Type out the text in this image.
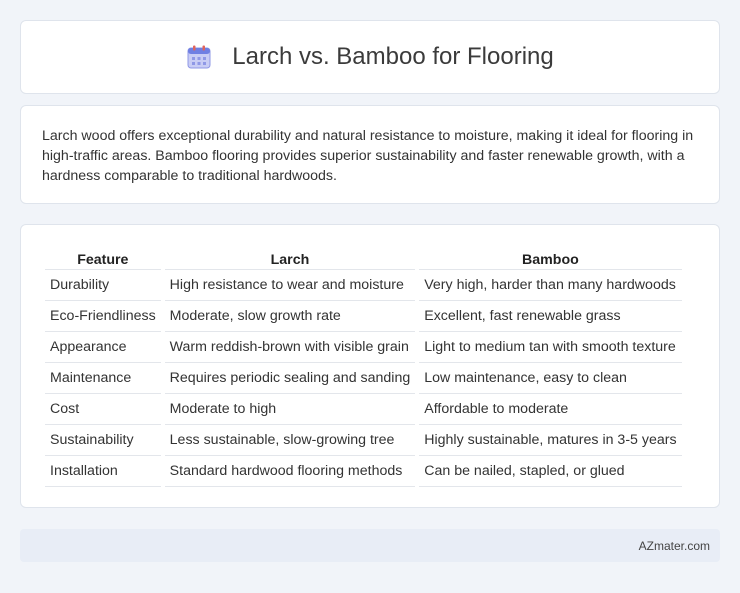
Larch vs. Bamboo for Flooring

Larch wood offers exceptional durability and natural resistance to moisture, making it ideal for flooring in high-traffic areas. Bamboo flooring provides superior sustainability and faster renewable growth, with a hardness comparable to traditional hardwoods.

Feature	Larch	Bamboo
Durability	High resistance to wear and moisture	Very high, harder than many hardwoods
Eco-Friendliness	Moderate, slow growth rate	Excellent, fast renewable grass
Appearance	Warm reddish-brown with visible grain	Light to medium tan with smooth texture
Maintenance	Requires periodic sealing and sanding	Low maintenance, easy to clean
Cost	Moderate to high	Affordable to moderate
Sustainability	Less sustainable, slow-growing tree	Highly sustainable, matures in 3-5 years
Installation	Standard hardwood flooring methods	Can be nailed, stapled, or glued
AZmater.com
